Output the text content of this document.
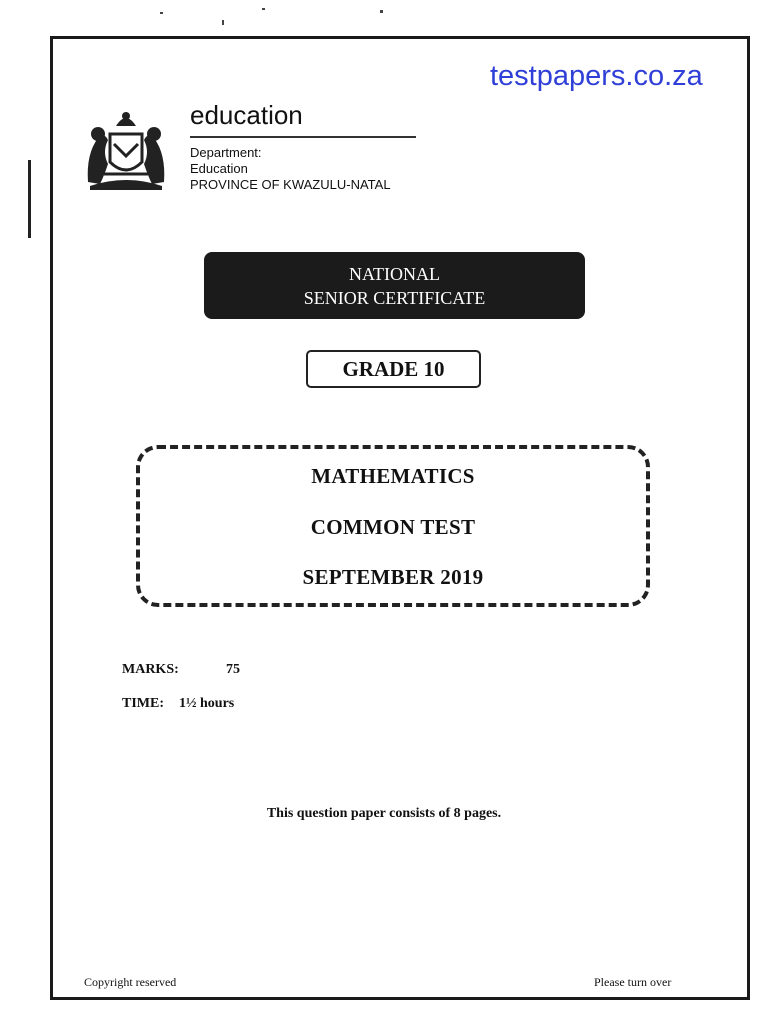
testpapers.co.za
education
Department:
Education
PROVINCE OF KWAZULU-NATAL
NATIONAL
SENIOR CERTIFICATE
GRADE 10
MATHEMATICS
COMMON TEST
SEPTEMBER 2019
MARKS:	75
TIME: 1½ hours
This question paper consists of 8 pages.
Copyright reserved	Please turn over
